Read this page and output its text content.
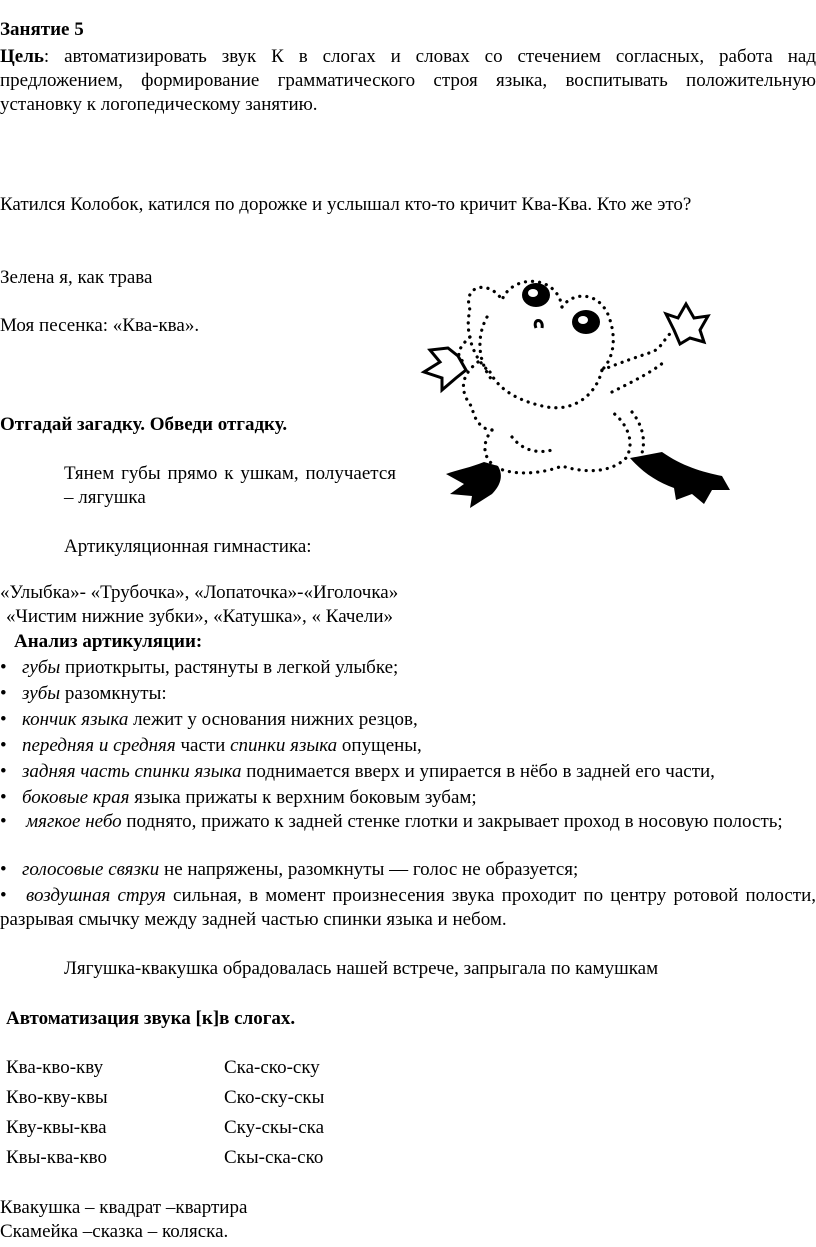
Занятие 5
Цель: автоматизировать звук К в слогах и словах со стечением согласных, работа над предложением, формирование грамматического строя языка, воспитывать положительную установку к логопедическому занятию.
Катился Колобок, катился по дорожке и услышал кто-то кричит Ква-Ква. Кто же это?
Зелена я, как трава
Моя песенка: «Ква-ква».
Отгадай загадку. Обведи отгадку.
Тянем губы прямо к ушкам, получается – лягушка
Артикуляционная гимнастика:
«Улыбка»- «Трубочка», «Лопаточка»-«Иголочка»
«Чистим нижние зубки», «Катушка», « Качели»
Анализ артикуляции:
• губы приоткрыты, растянуты в легкой улыбке;
• зубы разомкнуты:
• кончик языка лежит у основания нижних резцов,
• передняя и средняя части спинки языка опущены,
• задняя часть спинки языка поднимается вверх и упирается в нёбо в задней его части,
• боковые края языка прижаты к верхним боковым зубам;
• мягкое небо поднято, прижато к задней стенке глотки и закрывает проход в носовую полость;
• голосовые связки не напряжены, разомкнуты — голос не образуется;
• воздушная струя сильная, в момент произнесения звука проходит по центру ротовой полости, разрывая смычку между задней частью спинки языка и небом.
Лягушка-квакушка обрадовалась нашей встрече, запрыгала по камушкам
Автоматизация звука [к]в слогах.
Ква-кво-кву
Кво-кву-квы
Кву-квы-ква
Квы-ква-кво
Ска-ско-ску
Ско-ску-скы
Ску-скы-ска
Скы-ска-ско
Квакушка – квадрат –квартира
Скамейка –сказка – коляска.
